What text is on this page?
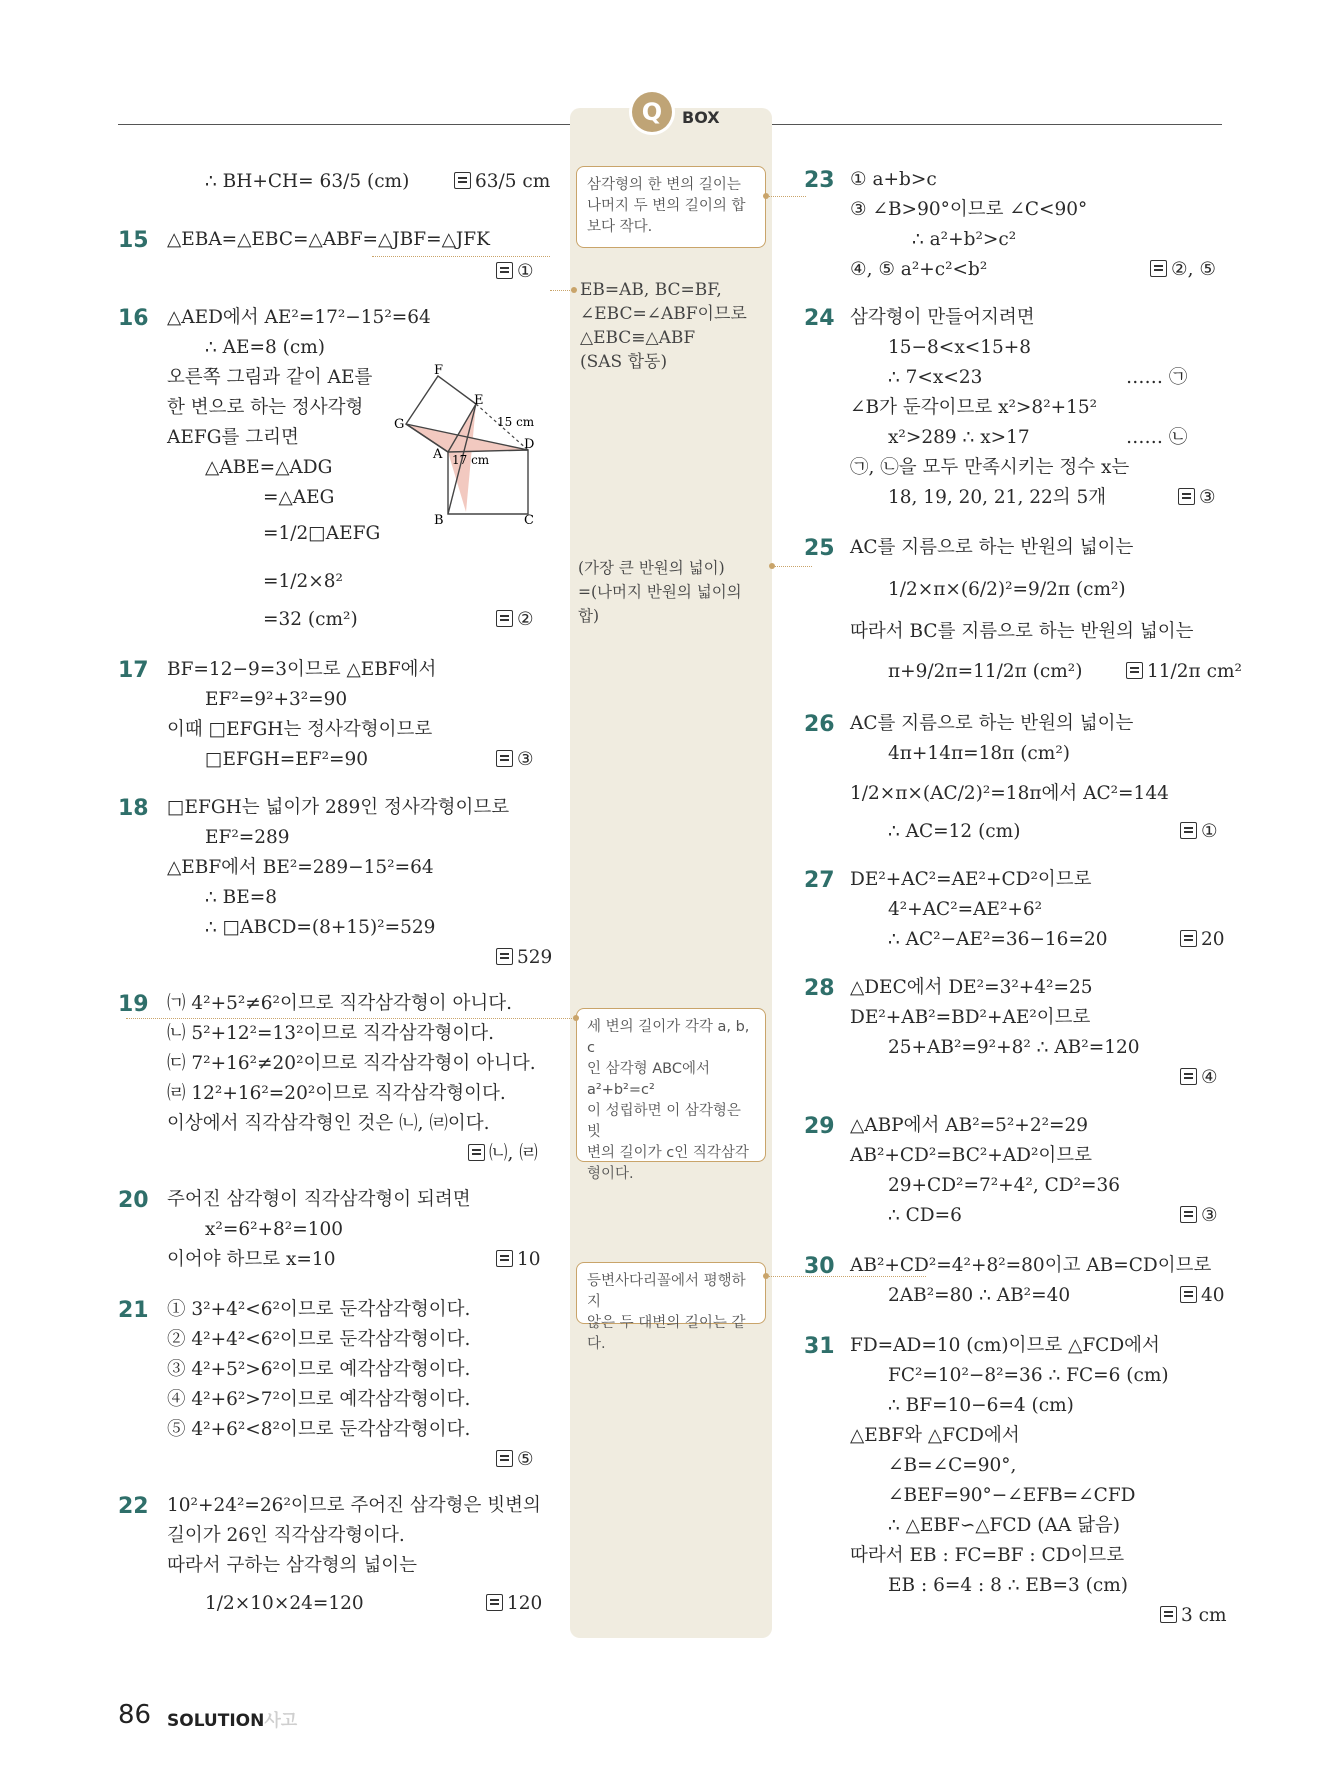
Q	BOX
∴ BH+CH= 63/5 (cm)	63/5 cm
15 △EBA=△EBC=△ABF=△JBF=△JFK
①
16 △AED에서 AE²=17²−15²=64
∴ AE=8 (cm)
오른쪽 그림과 같이 AE를
한 변으로 하는 정사각형
AEFG를 그리면
△ABE=△ADG
=△AEG
=1/2□AEFG
=1/2×8²
=32 (cm²)	②
F
E
G
A
D
B	C
15 cm
17 cm
17 BF=12−9=3이므로 △EBF에서
EF²=9²+3²=90
이때 □EFGH는 정사각형이므로
□EFGH=EF²=90	③
18 □EFGH는 넓이가 289인 정사각형이므로
EF²=289
△EBF에서 BE²=289−15²=64
∴ BE=8
∴ □ABCD=(8+15)²=529
529
19 ㈀ 4²+5²≠6²이므로 직각삼각형이 아니다.
㈁ 5²+12²=13²이므로 직각삼각형이다.
㈂ 7²+16²≠20²이므로 직각삼각형이 아니다.
㈃ 12²+16²=20²이므로 직각삼각형이다.
이상에서 직각삼각형인 것은 ㈁, ㈃이다.
㈁, ㈃
20 주어진 삼각형이 직각삼각형이 되려면
x²=6²+8²=100
이어야 하므로 x=10	10
21 ① 3²+4²<6²이므로 둔각삼각형이다.
② 4²+4²<6²이므로 둔각삼각형이다.
③ 4²+5²>6²이므로 예각삼각형이다.
④ 4²+6²>7²이므로 예각삼각형이다.
⑤ 4²+6²<8²이므로 둔각삼각형이다.
⑤
22 10²+24²=26²이므로 주어진 삼각형은 빗변의
길이가 26인 직각삼각형이다.
따라서 구하는 삼각형의 넓이는
1/2×10×24=120	120
삼각형의 한 변의 길이는
나머지 두 변의 길이의 합
보다 작다.
EB=AB, BC=BF,
∠EBC=∠ABF이므로
△EBC≡△ABF
(SAS 합동)
(가장 큰 반원의 넓이)
=(나머지 반원의 넓이의
합)
세 변의 길이가 각각 a, b, c
인 삼각형 ABC에서
a²+b²=c²
이 성립하면 이 삼각형은 빗
변의 길이가 c인 직각삼각
형이다.
등변사다리꼴에서 평행하지
않은 두 대변의 길이는 같다.
23 ① a+b>c
③ ∠B>90°이므로 ∠C<90°
∴ a²+b²>c²
④, ⑤ a²+c²<b²	②, ⑤
24 삼각형이 만들어지려면
15−8<x<15+8
∴ 7<x<23	…… ㉠
∠B가 둔각이므로 x²>8²+15²
x²>289 ∴ x>17	…… ㉡
㉠, ㉡을 모두 만족시키는 정수 x는
18, 19, 20, 21, 22의 5개	③
25 AC를 지름으로 하는 반원의 넓이는
1/2×π×(6/2)²=9/2π (cm²)
따라서 BC를 지름으로 하는 반원의 넓이는
π+9/2π=11/2π (cm²)	11/2π cm²
26 AC를 지름으로 하는 반원의 넓이는
4π+14π=18π (cm²)
1/2×π×(AC/2)²=18π에서 AC²=144
∴ AC=12 (cm)	①
27 DE²+AC²=AE²+CD²이므로
4²+AC²=AE²+6²
∴ AC²−AE²=36−16=20	20
28 △DEC에서 DE²=3²+4²=25
DE²+AB²=BD²+AE²이므로
25+AB²=9²+8² ∴ AB²=120
④
29 △ABP에서 AB²=5²+2²=29
AB²+CD²=BC²+AD²이므로
29+CD²=7²+4², CD²=36
∴ CD=6	③
30 AB²+CD²=4²+8²=80이고 AB=CD이므로
2AB²=80 ∴ AB²=40	40
31 FD=AD=10 (cm)이므로 △FCD에서
FC²=10²−8²=36 ∴ FC=6 (cm)
∴ BF=10−6=4 (cm)
△EBF와 △FCD에서
∠B=∠C=90°,
∠BEF=90°−∠EFB=∠CFD
∴ △EBF∽△FCD (AA 닮음)
따라서 EB : FC=BF : CD이므로
EB : 6=4 : 8 ∴ EB=3 (cm)
3 cm
86 SOLUTION사고
